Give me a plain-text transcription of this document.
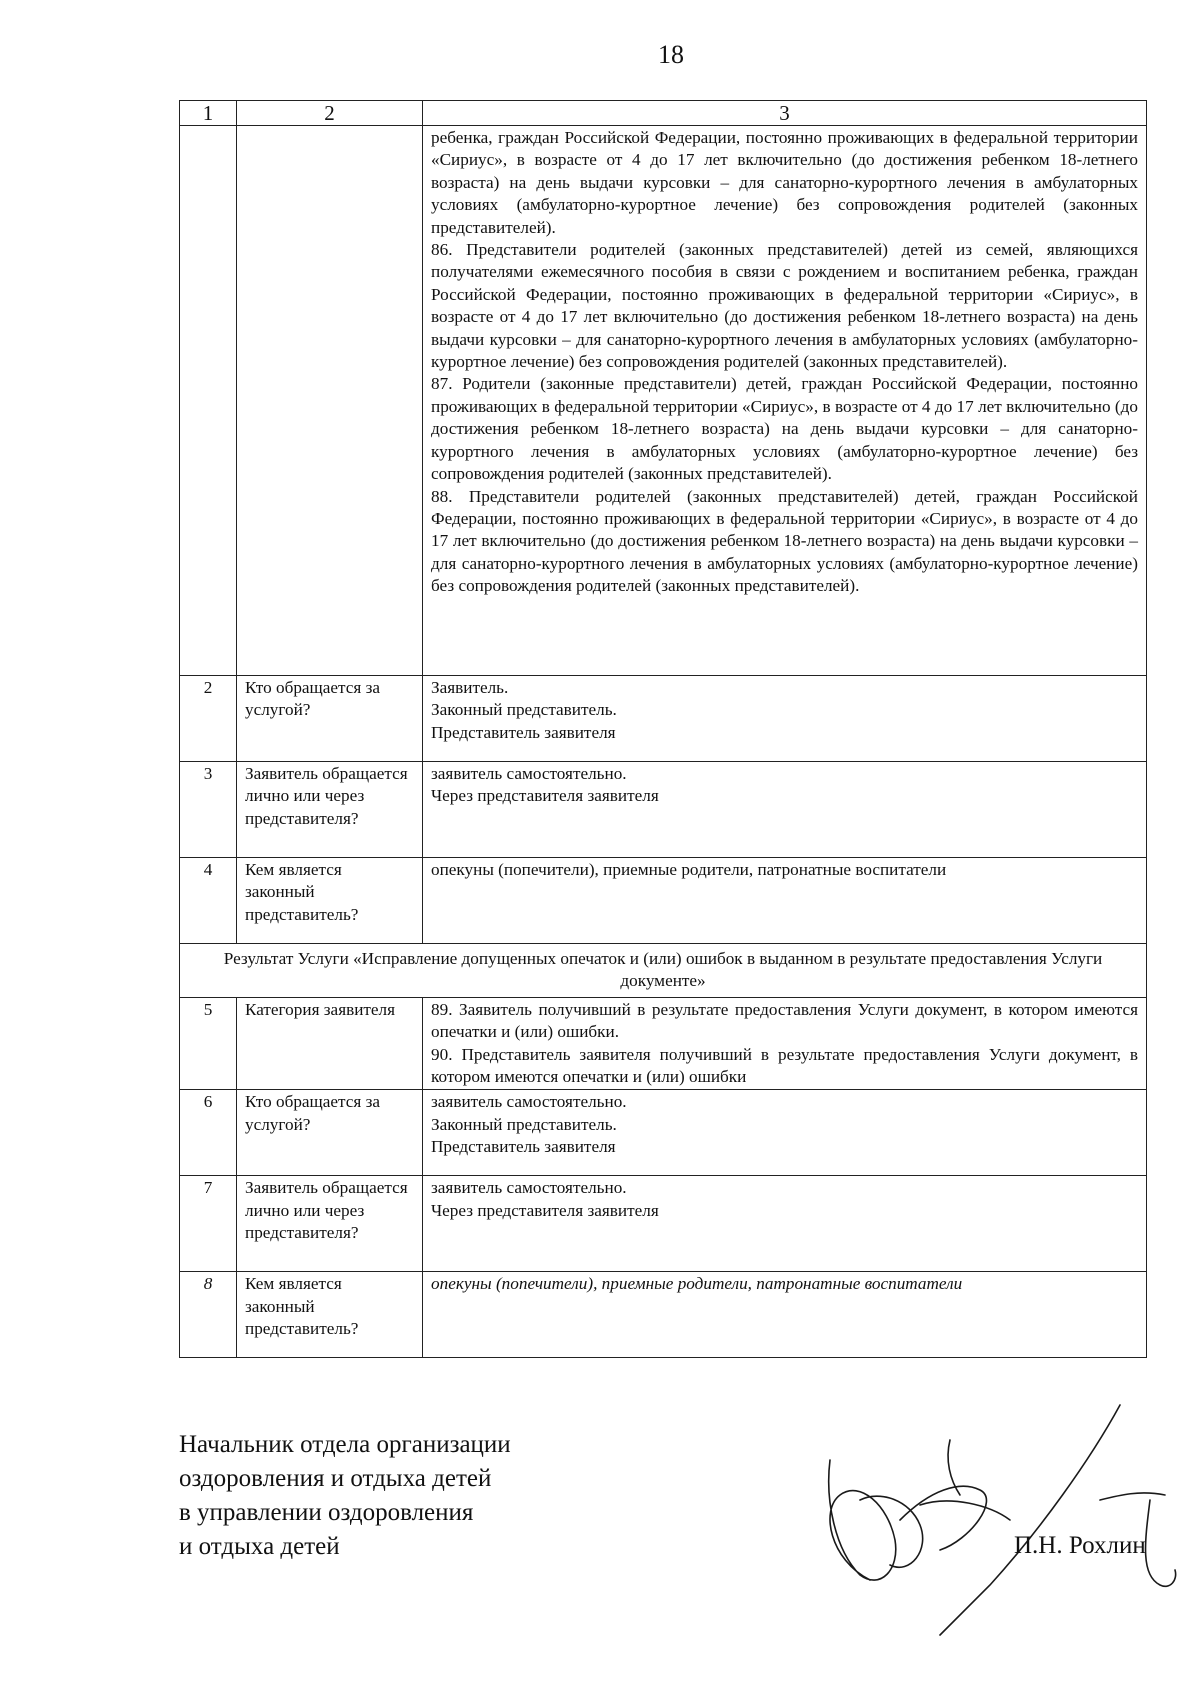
18
1	2	3

		ребенка, граждан Российской Федерации, постоянно проживающих в федеральной территории «Сириус», в возрасте от 4 до 17 лет включительно (до достижения ребенком 18-летнего возраста) на день выдачи курсовки – для санаторно-курортного лечения в амбулаторных условиях (амбулаторно-курортное лечение) без сопровождения родителей (законных представителей).

86. Представители родителей (законных представителей) детей из семей, являющихся получателями ежемесячного пособия в связи с рождением и воспитанием ребенка, граждан Российской Федерации, постоянно проживающих в федеральной территории «Сириус», в возрасте от 4 до 17 лет включительно (до достижения ребенком 18-летнего возраста) на день выдачи курсовки – для санаторно-курортного лечения в амбулаторных условиях (амбулаторно-курортное лечение) без сопровождения родителей (законных представителей).

87. Родители (законные представители) детей, граждан Российской Федерации, постоянно проживающих в федеральной территории «Сириус», в возрасте от 4 до 17 лет включительно (до достижения ребенком 18-летнего возраста) на день выдачи курсовки – для санаторно-курортного лечения в амбулаторных условиях (амбулаторно-курортное лечение) без сопровождения родителей (законных представителей).

88. Представители родителей (законных представителей) детей, граждан Российской Федерации, постоянно проживающих в федеральной территории «Сириус», в возрасте от 4 до 17 лет включительно (до достижения ребенком 18-летнего возраста) на день выдачи курсовки – для санаторно-курортного лечения в амбулаторных условиях (амбулаторно-курортное лечение) без сопровождения родителей (законных представителей).

2	Кто обращается за услугой?	Заявитель.

Законный представитель.

Представитель заявителя

3	Заявитель обращается лично или через представителя?	заявитель самостоятельно.

Через представителя заявителя

4	Кем является законный представитель?	опекуны (попечители), приемные родители, патронатные воспитатели
Результат Услуги «Исправление допущенных опечаток и (или) ошибок в выданном в результате предоставления Услуги документе»		
5	Категория заявителя	89. Заявитель получивший в результате предоставления Услуги документ, в котором имеются опечатки и (или) ошибки.

90. Представитель заявителя получивший в результате предоставления Услуги документ, в котором имеются опечатки и (или) ошибки

6	Кто обращается за услугой?	заявитель самостоятельно.

Законный представитель.

Представитель заявителя

7	Заявитель обращается лично или через представителя?	заявитель самостоятельно.

Через представителя заявителя

8	Кем является законный представитель?	опекуны (попечители), приемные родители, патронатные воспитатели
Начальник отдела организации
оздоровления и отдыха детей
в управлении оздоровления
и отдыха детей	П.Н. Рохлин
